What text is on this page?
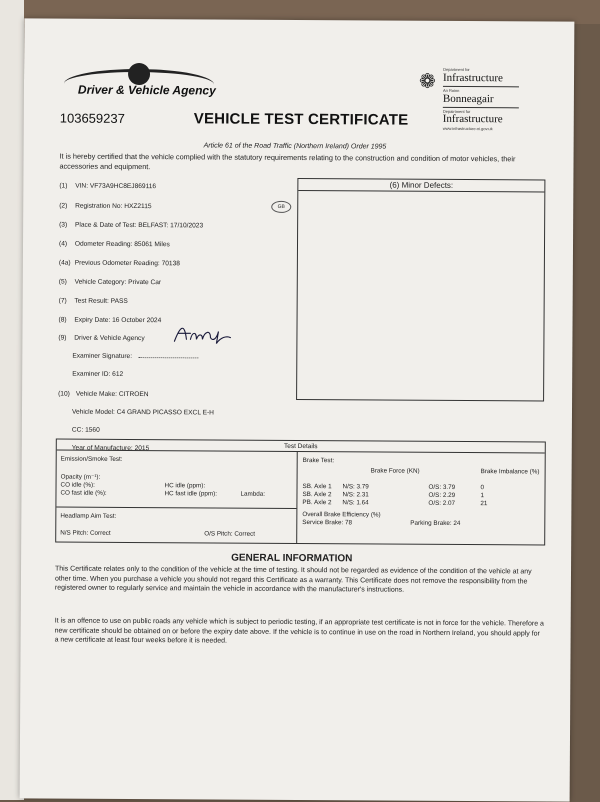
Driver & Vehicle Agency	❁
Department for
Infrastructure
An Roinn
Bonneagair
Depairtment fur
Infrastructure
www.infrastructure-ni.gov.uk
103659237	VEHICLE TEST CERTIFICATE
Article 61 of the Road Traffic (Northern Ireland) Order 1995
It is hereby certified that the vehicle complied with the statutory requirements relating to the construction and condition of motor vehicles, their accessories and equipment.
(1) VIN: VF73A9HC8EJ869116
(2) Registration No: HXZ2115	GB
(3) Place & Date of Test: BELFAST: 17/10/2023
(4) Odometer Reading: 85061 Miles
(4a) Previous Odometer Reading: 70138
(5) Vehicle Category: Private Car
(7) Test Result: PASS
(8) Expiry Date: 16 October 2024
(9) Driver & Vehicle Agency
Examiner Signature:
Examiner ID: 612
(10) Vehicle Make: CITROEN
Vehicle Model: C4 GRAND PICASSO EXCL E-H
CC: 1560
Year of Manufacture: 2015
(6) Minor Defects:
Test Details
Emission/Smoke Test:
Opacity (m⁻¹):
CO idle (%):
CO fast idle (%):
HC idle (ppm):
HC fast idle (ppm):	Lambda:
Headlamp Aim Test:
N/S Pitch: Correct	O/S Pitch: Correct
Brake Test:
Brake Force (KN)	Brake Imbalance (%)
SB. Axle 1 N/S: 3.79	O/S: 3.79	0
SB. Axle 2 N/S: 2.31	O/S: 2.29	1
PB. Axle 2 N/S: 1.64	O/S: 2.07	21
Overall Brake Efficiency (%)
Service Brake: 78	Parking Brake: 24
GENERAL INFORMATION
This Certificate relates only to the condition of the vehicle at the time of testing. It should not be regarded as evidence of the condition of the vehicle at any other time. When you purchase a vehicle you should not regard this Certificate as a warranty. This Certificate does not remove the responsibility from the registered owner to regularly service and maintain the vehicle in accordance with the manufacturer's instructions.
It is an offence to use on public roads any vehicle which is subject to periodic testing, if an appropriate test certificate is not in force for the vehicle. Therefore a new certificate should be obtained on or before the expiry date above. If the vehicle is to continue in use on the road in Northern Ireland, you should apply for a new certificate at least four weeks before it is needed.
